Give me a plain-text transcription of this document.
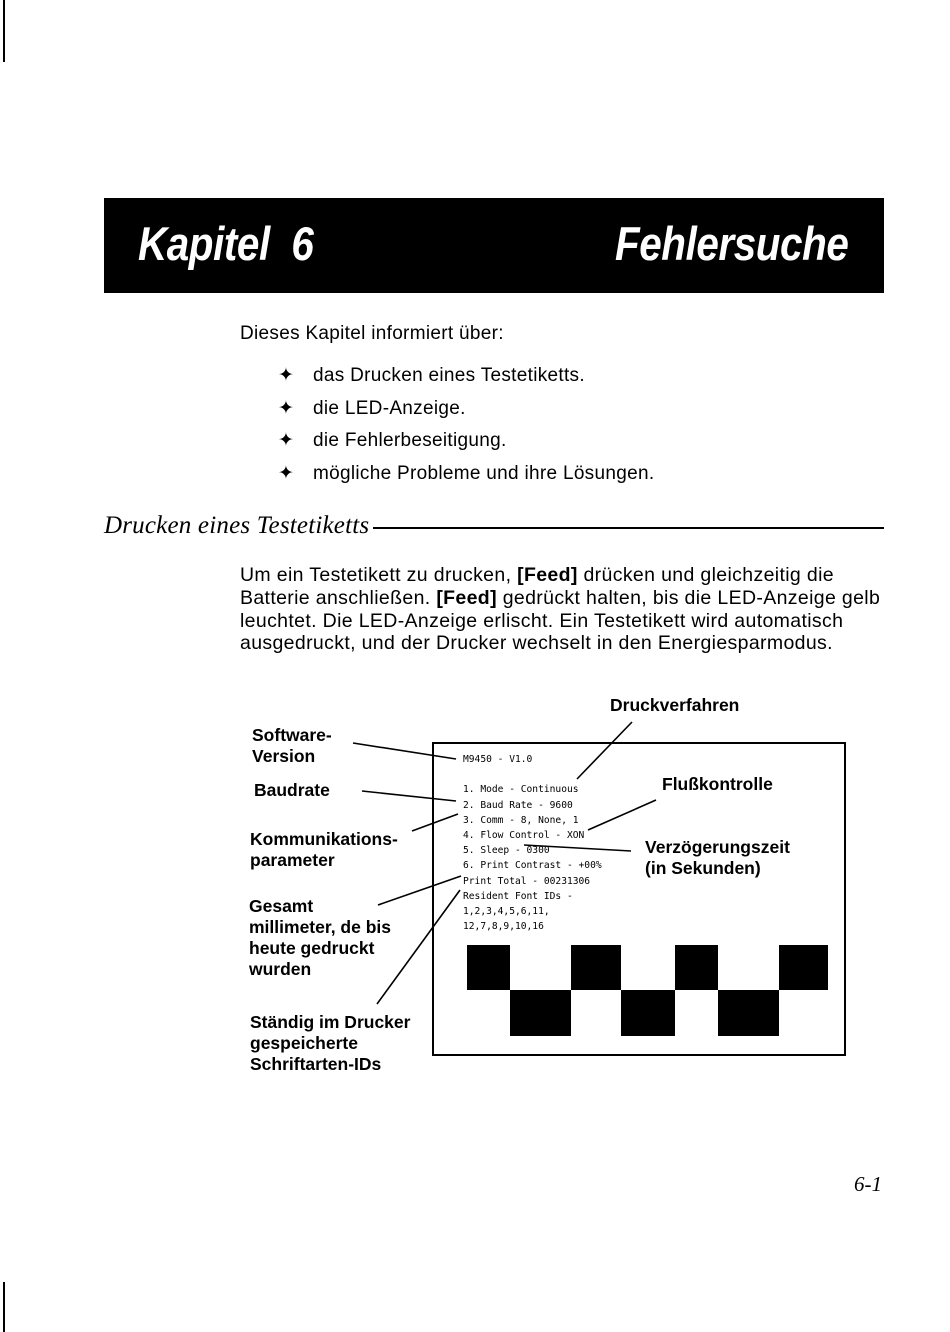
Kapitel  6	Fehlersuche
Dieses Kapitel informiert über:
✦ das Drucken eines Testetiketts.
✦ die LED-Anzeige.
✦ die Fehlerbeseitigung.
✦ mögliche Probleme und ihre Lösungen.
Drucken eines Testetiketts
Um ein Testetikett zu drucken, [Feed] drücken und gleichzeitig die Batterie anschließen. [Feed] gedrückt halten, bis die LED-Anzeige gelb leuchtet. Die LED-Anzeige erlischt. Ein Testetikett wird automatisch ausgedruckt, und der Drucker wechselt in den Energiesparmodus.
Software-
Version
Baudrate
Kommunikations-
parameter
Gesamt
millimeter, de bis
heute gedruckt
wurden
Ständig im Drucker
gespeicherte
Schriftarten-IDs
Druckverfahren
Flußkontrolle
Verzögerungszeit
(in Sekunden)
M9450 - V1.0

1. Mode - Continuous
2. Baud Rate - 9600
3. Comm - 8, None, 1
4. Flow Control - XON
5. Sleep - 0300
6. Print Contrast - +00%
Print Total - 00231306
Resident Font IDs -
1,2,3,4,5,6,11,
12,7,8,9,10,16
6-1
